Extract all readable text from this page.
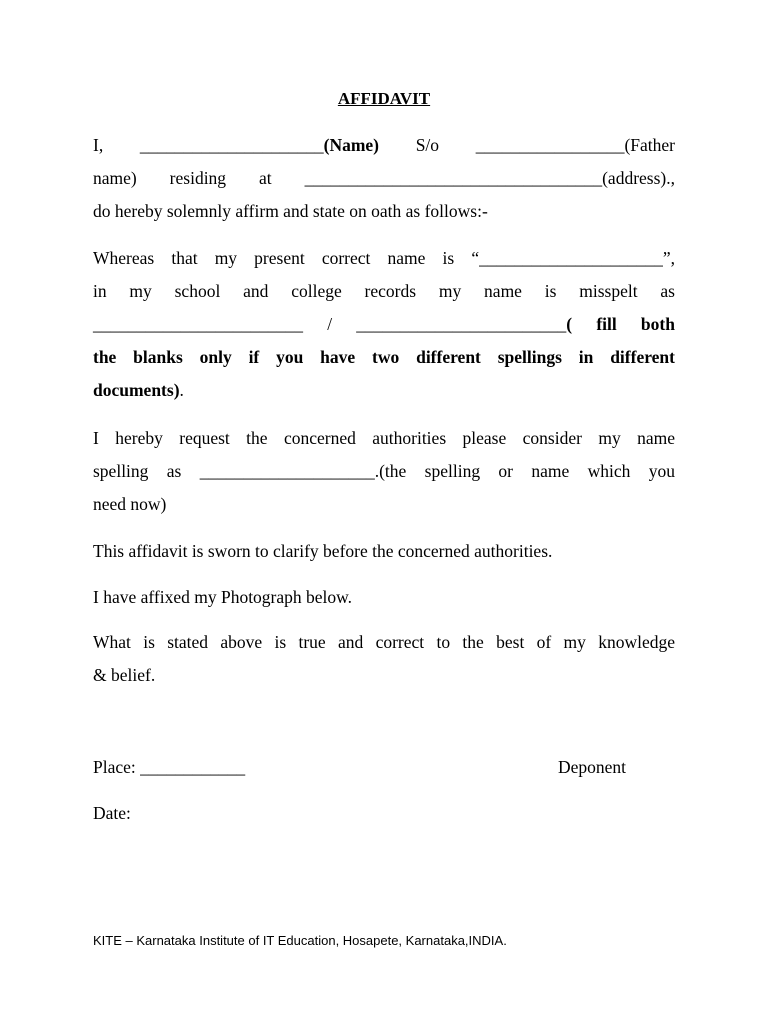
AFFIDAVIT
I, _____________________(Name) S/o _________________(Father
name) residing at __________________________________(address).,
do hereby solemnly affirm and state on oath as follows:-
Whereas that my present correct name is “_____________________”,
in my school and college records my name is misspelt as
________________________ / ________________________( fill both
the blanks only if you have two different spellings in different
documents).
I hereby request the concerned authorities please consider my name
spelling as ____________________.(the spelling or name which you
need now)
This affidavit is sworn to clarify before the concerned authorities.
I have affixed my Photograph below.
What is stated above is true and correct to the best of my knowledge
& belief.
Place: ____________	Deponent
Date:
KITE – Karnataka Institute of IT Education, Hosapete, Karnataka,INDIA.
